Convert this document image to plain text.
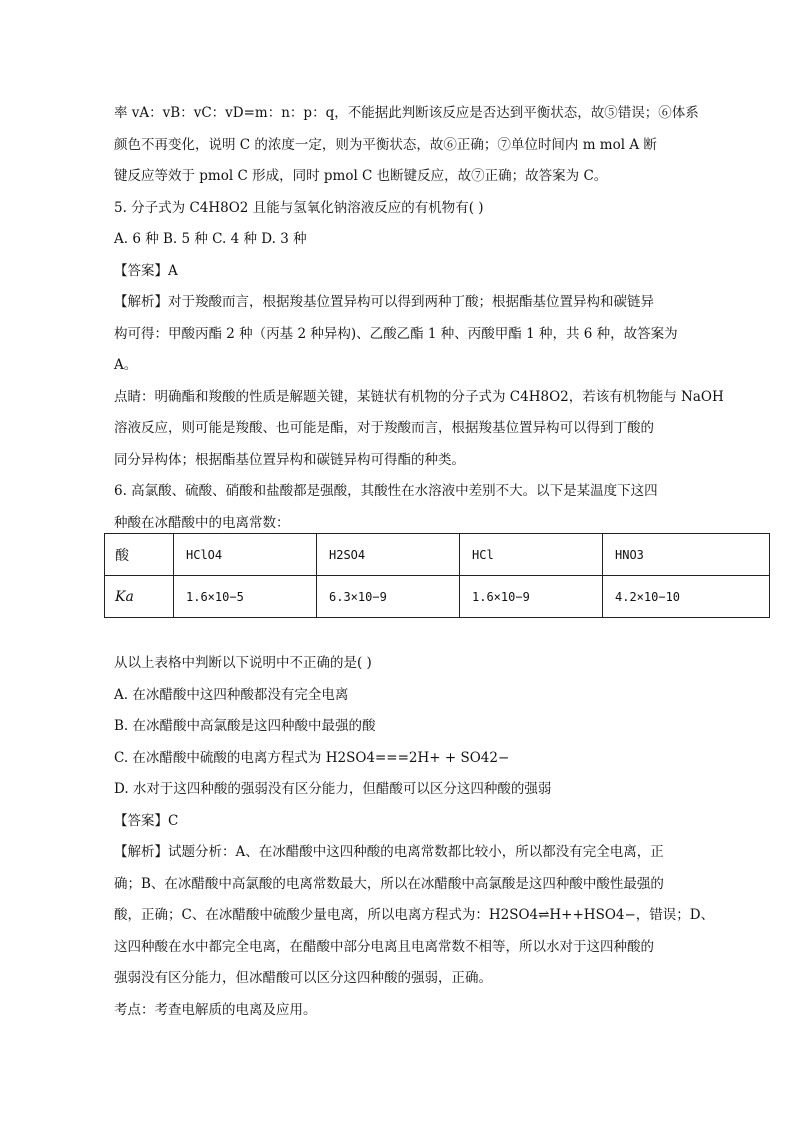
率 vA：vB：vC：vD=m：n：p：q，不能据此判断该反应是否达到平衡状态，故⑤错误；⑥体系
颜色不再变化，说明 C 的浓度一定，则为平衡状态，故⑥正确；⑦单位时间内 m mol A 断
键反应等效于 pmol C 形成，同时 pmol C 也断键反应，故⑦正确；故答案为 C。
5. 分子式为 C4H8O2 且能与氢氧化钠溶液反应的有机物有( )
A. 6 种 B. 5 种 C. 4 种 D. 3 种
【答案】A
【解析】对于羧酸而言，根据羧基位置异构可以得到两种丁酸；根据酯基位置异构和碳链异
构可得：甲酸丙酯 2 种（丙基 2 种异构)、乙酸乙酯 1 种、丙酸甲酯 1 种，共 6 种，故答案为
A。
点睛：明确酯和羧酸的性质是解题关键，某链状有机物的分子式为 C4H8O2，若该有机物能与 NaOH
溶液反应，则可能是羧酸、也可能是酯，对于羧酸而言，根据羧基位置异构可以得到丁酸的
同分异构体；根据酯基位置异构和碳链异构可得酯的种类。
6. 高氯酸、硫酸、硝酸和盐酸都是强酸，其酸性在水溶液中差别不大。以下是某温度下这四
种酸在冰醋酸中的电离常数：
酸	HClO4	H2SO4	HCl	HNO3
Ka	1.6×10−5	6.3×10−9	1.6×10−9	4.2×10−10
从以上表格中判断以下说明中不正确的是( )
A. 在冰醋酸中这四种酸都没有完全电离
B. 在冰醋酸中高氯酸是这四种酸中最强的酸
C. 在冰醋酸中硫酸的电离方程式为 H2SO4===2H+ + SO42−
D. 水对于这四种酸的强弱没有区分能力，但醋酸可以区分这四种酸的强弱
【答案】C
【解析】试题分析：A、在冰醋酸中这四种酸的电离常数都比较小，所以都没有完全电离，正
确；B、在冰醋酸中高氯酸的电离常数最大，所以在冰醋酸中高氯酸是这四种酸中酸性最强的
酸，正确；C、在冰醋酸中硫酸少量电离，所以电离方程式为：H2SO4⇌H++HSO4−，错误；D、
这四种酸在水中都完全电离，在醋酸中部分电离且电离常数不相等，所以水对于这四种酸的
强弱没有区分能力，但冰醋酸可以区分这四种酸的强弱，正确。
考点：考查电解质的电离及应用。
